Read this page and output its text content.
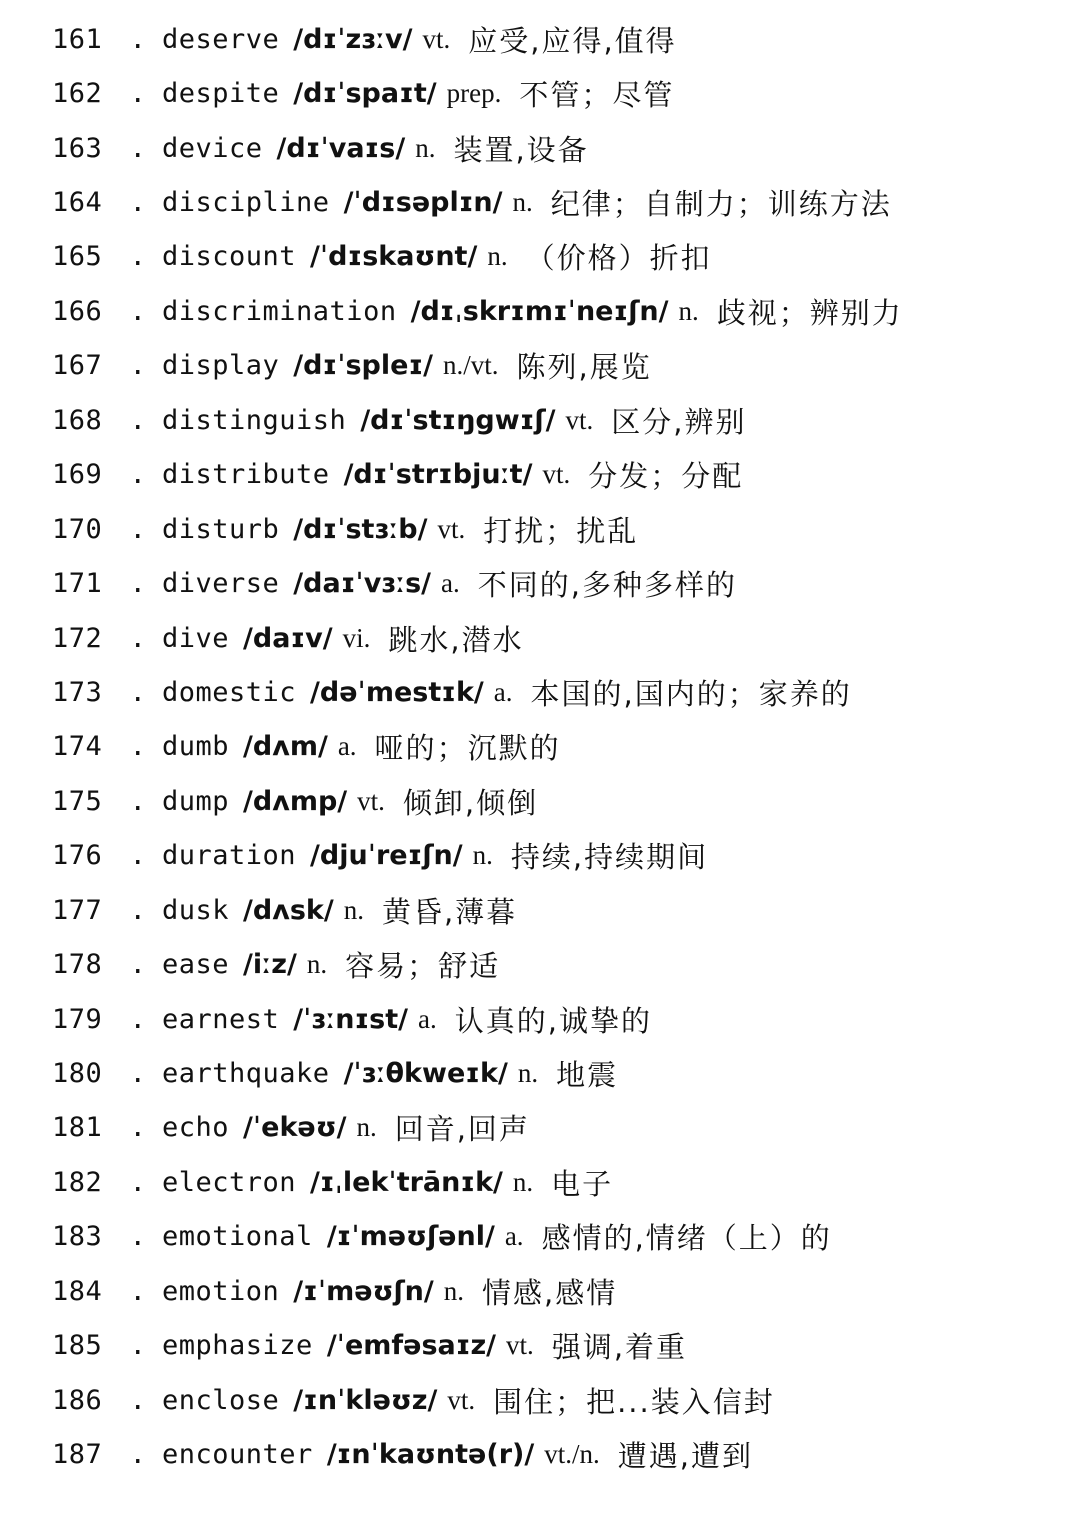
161	. deserve /dɪˈzɜːv/ vt. 应受,应得,值得
162	. despite /dɪˈspaɪt/ prep. 不管；尽管
163	. device /dɪˈvaɪs/ n. 装置,设备
164	. discipline /ˈdɪsəplɪn/ n. 纪律；自制力；训练方法
165	. discount /ˈdɪskaʊnt/ n. （价格）折扣
166	. discrimination /dɪˌskrɪmɪˈneɪʃn/ n. 歧视；辨别力
167	. display /dɪˈspleɪ/ n./vt. 陈列,展览
168	. distinguish /dɪˈstɪŋgwɪʃ/ vt. 区分,辨别
169	. distribute /dɪˈstrɪbjuːt/ vt. 分发；分配
170	. disturb /dɪˈstɜːb/ vt. 打扰；扰乱
171	. diverse /daɪˈvɜːs/ a. 不同的,多种多样的
172	. dive /daɪv/ vi. 跳水,潜水
173	. domestic /dəˈmestɪk/ a. 本国的,国内的；家养的
174	. dumb /dʌm/ a. 哑的；沉默的
175	. dump /dʌmp/ vt. 倾卸,倾倒
176	. duration /djuˈreɪʃn/ n. 持续,持续期间
177	. dusk /dʌsk/ n. 黄昏,薄暮
178	. ease /iːz/ n. 容易；舒适
179	. earnest /ˈɜːnɪst/ a. 认真的,诚挚的
180	. earthquake /ˈɜːθkweɪk/ n. 地震
181	. echo /ˈekəʊ/ n. 回音,回声
182	. electron /ɪˌlekˈtrānɪk/ n. 电子
183	. emotional /ɪˈməʊʃənl/ a. 感情的,情绪（上）的
184	. emotion /ɪˈməʊʃn/ n. 情感,感情
185	. emphasize /ˈemfəsaɪz/ vt. 强调,着重
186	. enclose /ɪnˈkləʊz/ vt. 围住；把...装入信封
187	. encounter /ɪnˈkaʊntə(r)/ vt./n. 遭遇,遭到
